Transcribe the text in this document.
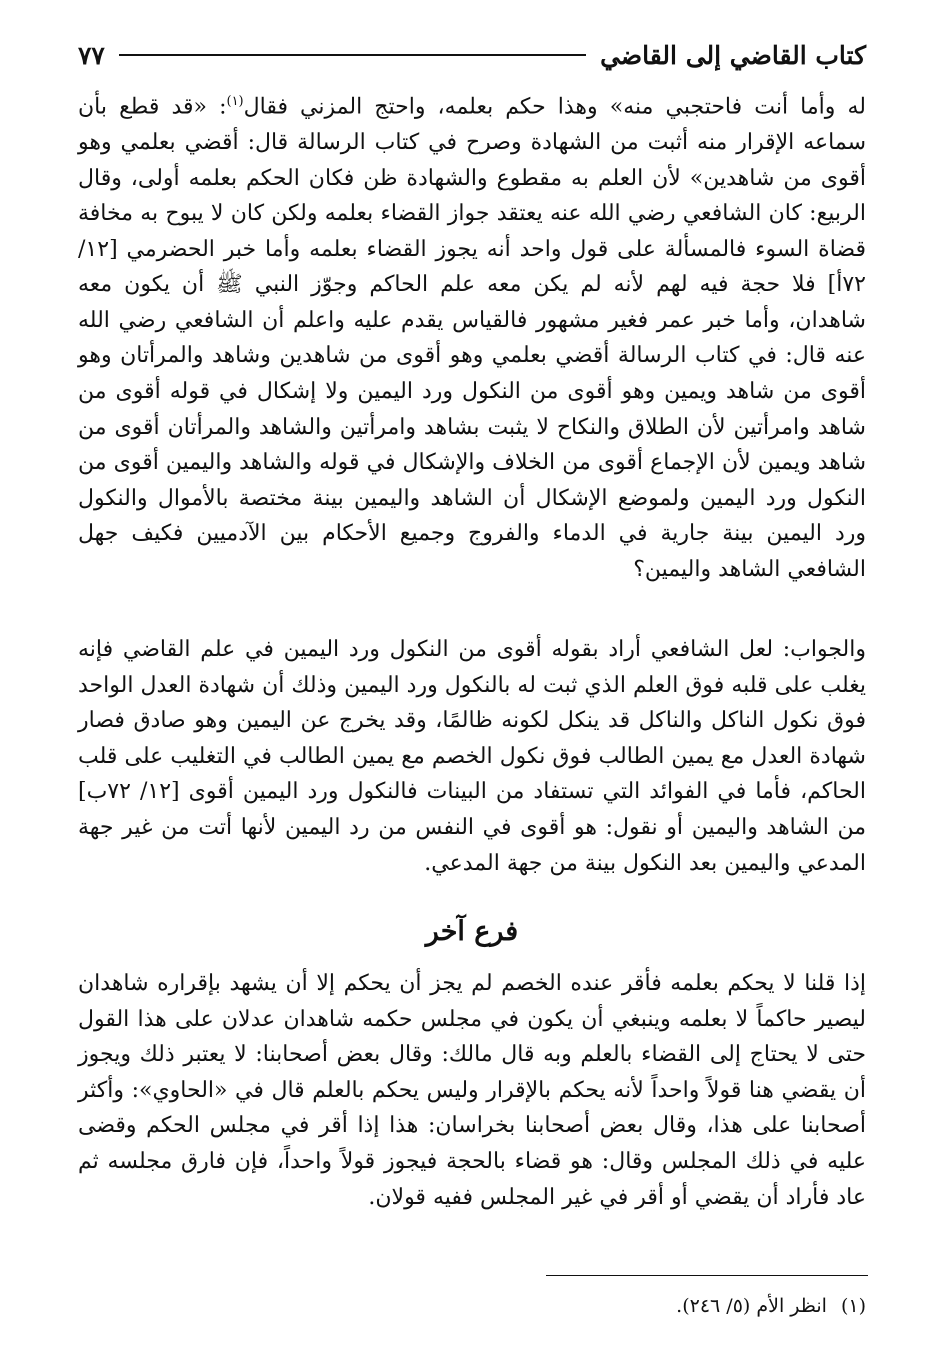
كتاب القاضي إلى القاضي
٧٧

له وأما أنت فاحتجبي منه» وهذا حكم بعلمه، واحتج المزني فقال$^{(١)}$: «قد قطع بأن سماعه الإقرار منه أثبت من الشهادة وصرح في كتاب الرسالة قال: أقضي بعلمي وهو أقوى من شاهدين» لأن العلم به مقطوع والشهادة ظن فكان الحكم بعلمه أولى، وقال الربيع: كان الشافعي رضي الله عنه يعتقد جواز القضاء بعلمه ولكن كان لا يبوح به مخافة قضاة السوء فالمسألة على قول واحد أنه يجوز القضاء بعلمه وأما خبر الحضرمي [١٢/ ٧٢أ] فلا حجة فيه لهم لأنه لم يكن معه علم الحاكم وجوّز النبي ﷺ أن يكون معه شاهدان، وأما خبر عمر فغير مشهور فالقياس يقدم عليه واعلم أن الشافعي رضي الله عنه قال: في كتاب الرسالة أقضي بعلمي وهو أقوى من شاهدين وشاهد والمرأتان وهو أقوى من شاهد ويمين وهو أقوى من النكول ورد اليمين ولا إشكال في قوله أقوى من شاهد وامرأتين لأن الطلاق والنكاح لا يثبت بشاهد وامرأتين والشاهد والمرأتان أقوى من شاهد ويمين لأن الإجماع أقوى من الخلاف والإشكال في قوله والشاهد واليمين أقوى من النكول ورد اليمين ولموضع الإشكال أن الشاهد واليمين بينة مختصة بالأموال والنكول ورد اليمين بينة جارية في الدماء والفروج وجميع الأحكام بين الآدميين فكيف جهل الشافعي الشاهد واليمين؟

والجواب: لعل الشافعي أراد بقوله أقوى من النكول ورد اليمين في علم القاضي فإنه يغلب على قلبه فوق العلم الذي ثبت له بالنكول ورد اليمين وذلك أن شهادة العدل الواحد فوق نكول الناكل والناكل قد ينكل لكونه ظالمًا، وقد يخرج عن اليمين وهو صادق فصار شهادة العدل مع يمين الطالب فوق نكول الخصم مع يمين الطالب في التغليب على قلب الحاكم، فأما في الفوائد التي تستفاد من البينات فالنكول ورد اليمين أقوى [١٢/ ٧٢ب] من الشاهد واليمين أو نقول: هو أقوى في النفس من رد اليمين لأنها أتت من غير جهة المدعي واليمين بعد النكول بينة من جهة المدعي.

فرع آخر

إذا قلنا لا يحكم بعلمه فأقر عنده الخصم لم يجز أن يحكم إلا أن يشهد بإقراره شاهدان ليصير حاكماً لا بعلمه وينبغي أن يكون في مجلس حكمه شاهدان عدلان على هذا القول حتى لا يحتاج إلى القضاء بالعلم وبه قال مالك: وقال بعض أصحابنا: لا يعتبر ذلك ويجوز أن يقضي هنا قولاً واحداً لأنه يحكم بالإقرار وليس يحكم بالعلم قال في «الحاوي»: وأكثر أصحابنا على هذا، وقال بعض أصحابنا بخراسان: هذا إذا أقر في مجلس الحكم وقضى عليه في ذلك المجلس وقال: هو قضاء بالحجة فيجوز قولاً واحداً، فإن فارق مجلسه ثم عاد فأراد أن يقضي أو أقر في غير المجلس ففيه قولان.

(١)انظر الأم (٥/ ٢٤٦).
